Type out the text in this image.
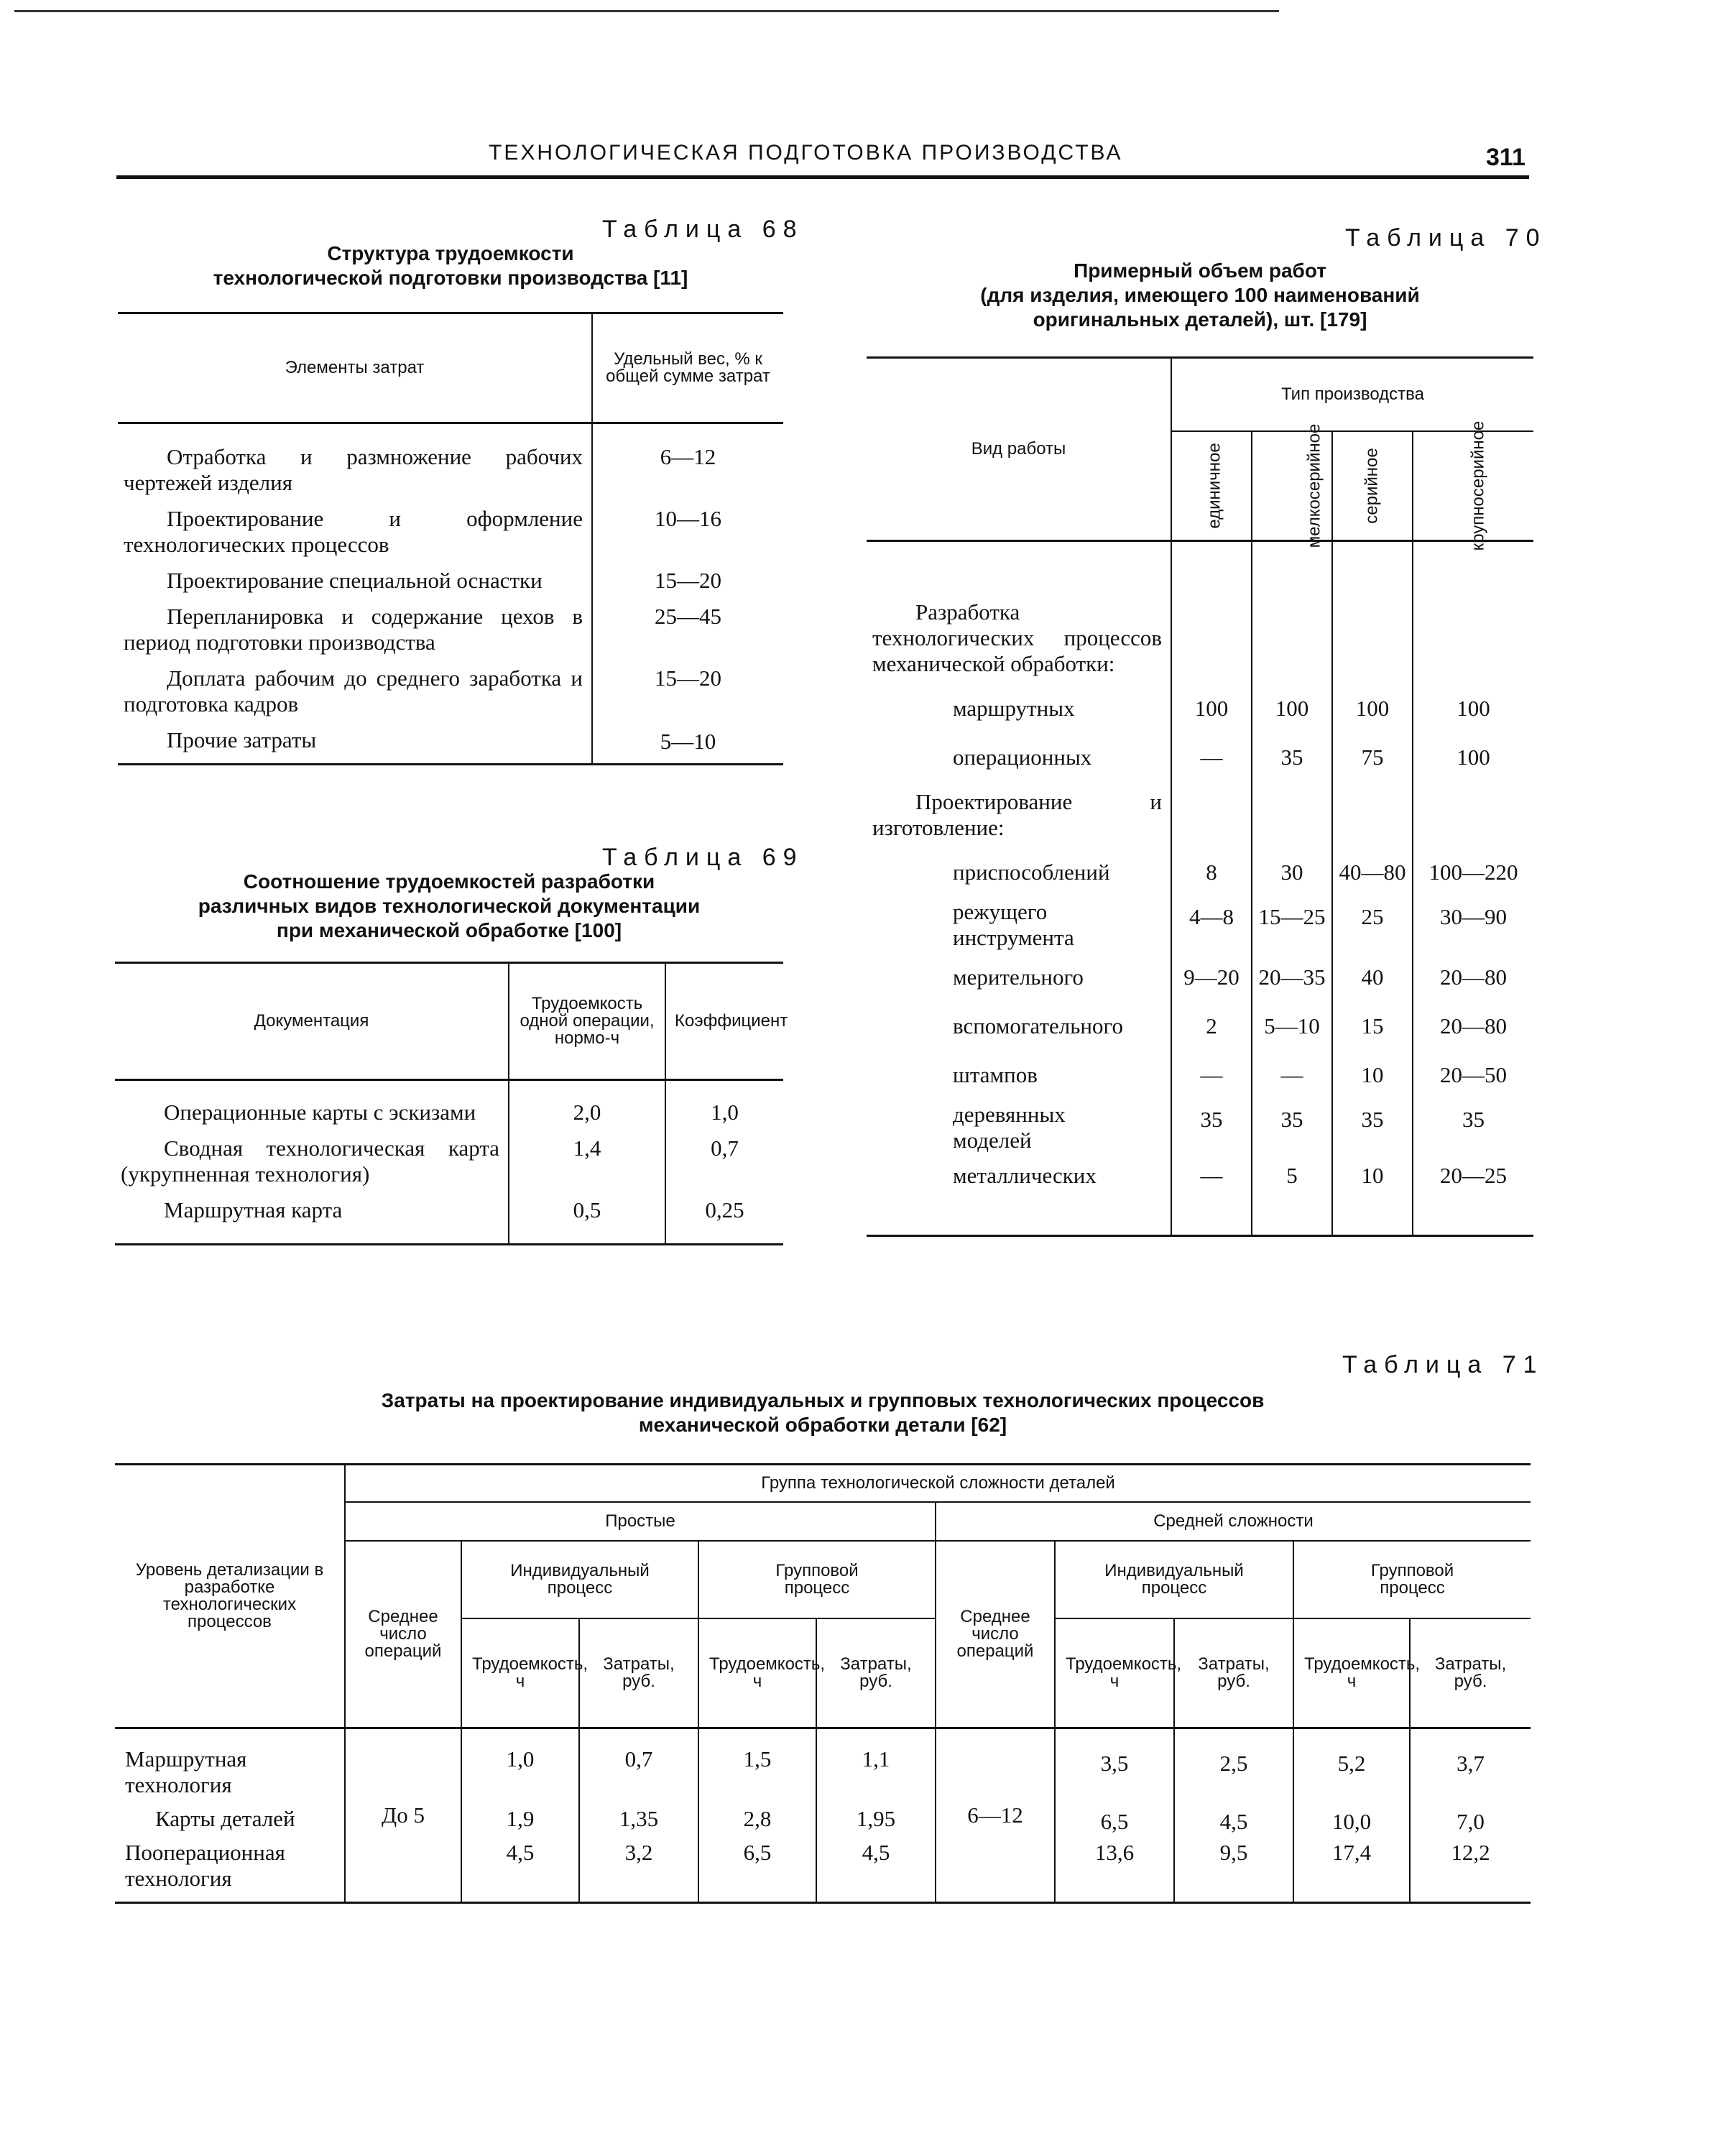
ТЕХНОЛОГИЧЕСКАЯ ПОДГОТОВКА ПРОИЗВОДСТВА	311
Таблица 68
Структура трудоемкости
технологической подготовки производства [11]
Элементы затрат	Удельный вес, % к общей сумме затрат
Отработка и размножение рабочих чертежей изделия	6—12
Проектирование и оформление технологических процессов	10—16
Проектирование специальной оснастки	15—20
Перепланировка и содержание цехов в период подготовки производства	25—45
Доплата рабочим до среднего заработка и подготовка кадров	15—20
Прочие затраты	5—10
Таблица 69
Соотношение трудоемкостей разработки
различных видов технологической документации
при механической обработке [100]
Документация	Трудоемкость одной операции, нормо-ч	Коэффициент
Операционные карты с эскизами	2,0	1,0
Сводная технологическая карта (укрупненная технология)	1,4	0,7
Маршрутная карта	0,5	0,25
Таблица 70
Примерный объем работ
(для изделия, имеющего 100 наименований
оригинальных деталей), шт. [179]
Вид работы	Тип производства			
	единичное	мелкосерийное	серийное	крупносерийное
Разработка технологических процессов механической обработки:				
маршрутных	100	100	100	100
операционных	—	35	75	100
Проектирование и изготовление:				
приспособлений	8	30	40—80	100—220
режущего инструмента	4—8	15—25	25	30—90
мерительного	9—20	20—35	40	20—80
вспомогательного	2	5—10	15	20—80
штампов	—	—	10	20—50
деревянных моделей	35	35	35	35
металлических	—	5	10	20—25
Таблица 71
Затраты на проектирование индивидуальных и групповых технологических процессов
механической обработки детали [62]
Уровень детализации в разработке технологических процессов	Группа технологической сложности деталей									
	Простые					Средней сложности				
	Среднее число операций	Индивидуальный процесс		Групповой процесс		Среднее число операций	Индивидуальный процесс		Групповой процесс	
		Трудоемкость, ч	Затраты, руб.	Трудоемкость, ч	Затраты, руб.		Трудоемкость, ч	Затраты, руб.	Трудоемкость, ч	Затраты, руб.
Маршрутная технология	До 5	1,0	0,7	1,5	1,1	6—12	3,5	2,5	5,2	3,7
Карты деталей		1,9	1,35	2,8	1,95		6,5	4,5	10,0	7,0
Пооперационная технология		4,5	3,2	6,5	4,5		13,6	9,5	17,4	12,2
